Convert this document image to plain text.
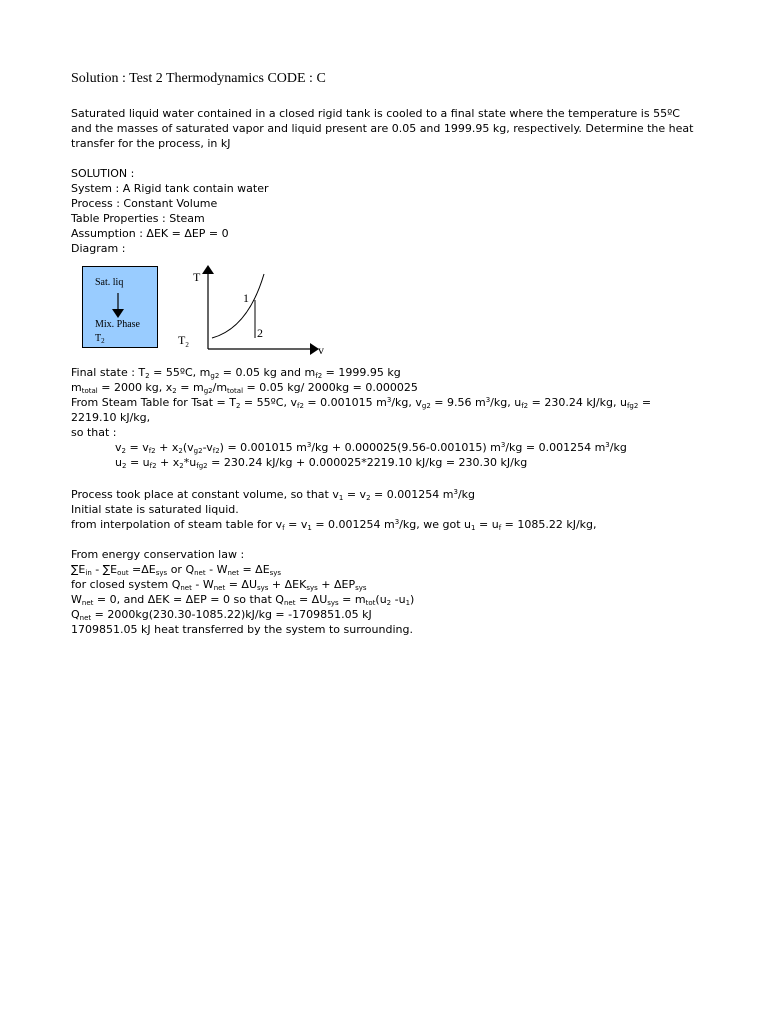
Solution : Test 2 Thermodynamics CODE : C
Saturated liquid water contained in a closed rigid tank is cooled to a final state where the temperature is 55ºC
and the masses of saturated vapor and liquid present are 0.05 and 1999.95 kg, respectively. Determine the heat
transfer for the process, in kJ
SOLUTION :
System : A Rigid tank contain water
Process : Constant Volume
Table Properties : Steam
Assumption : ΔEK = ΔEP = 0
Diagram :
Sat. liq
Mix. Phase
$T_2$
T
v
1
2
$T_2$
Final state : $T_2$ = 55ºC, $m_{g2} = 0.05$ kg and $m_{f2} = 1999.95$ kg
$m_{total} = 2000$ kg, $x_2 = m_{g2}/m_{total} = 0.05$ kg/ 2000kg = 0.000025
From Steam Table for Tsat = $T_2$ = 55ºC, $v_{f2} = 0.001015$ $m^3/kg$, $v_{g2} = 9.56$ $m^3/kg$, $u_{f2} = 230.24$ kJ/kg, $u_{fg2}$ =
2219.10 kJ/kg,
so that :
$v_2 = v_{f2} + x_2(v_{g2}-v_{f2}) = 0.001015$ $m^3/kg + 0.000025(9.56-0.001015) m^3/kg = 0.001254$ $m^3/kg$
$u_2 = u_{f2} + x_2*u_{fg2} = 230.24$ kJ/kg + 0.000025*2219.10 kJ/kg = 230.30 kJ/kg
Process took place at constant volume, so that $v_1 = v_2 = 0.001254$ $m^3/kg$
Initial state is saturated liquid.
from interpolation of steam table for $v_f = v_1 = 0.001254$ $m^3/kg$, we got $u_1 = u_f = 1085.22$ kJ/kg,
From energy conservation law :
$\sum E_{in} - \sum E_{out} =\Delta E_{sys}$ or $Q_{net} - W_{net} = \Delta E_{sys}$
for closed system $Q_{net} - W_{net} = \Delta U_{sys} + \Delta EK_{sys} + \Delta EP_{sys}$
$W_{net} = 0$, and ΔEK = ΔEP = 0 so that $Q_{net} = \Delta U_{sys} = m_{tot}(u_2$ $-u_1$)
$Q_{net} = 2000kg(230.30-1085.22)kJ/kg = -1709851.05$ kJ
1709851.05 kJ heat transferred by the system to surrounding.
